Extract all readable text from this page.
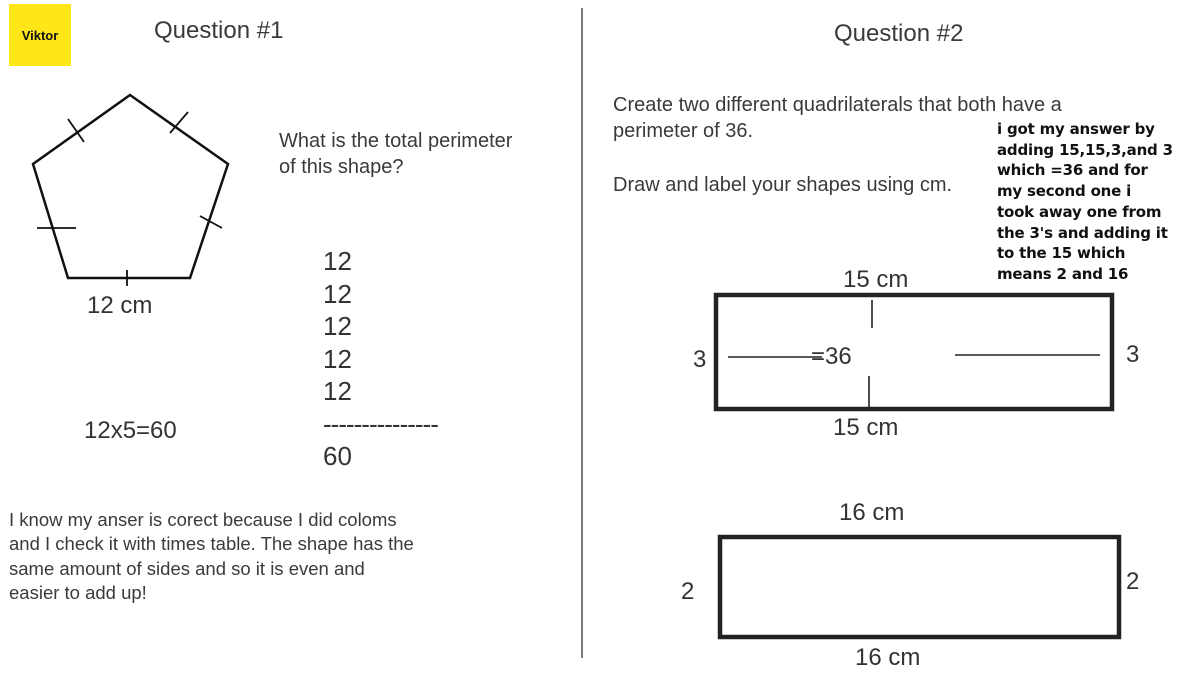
Viktor	Question #1
12 cm
What is the total perimeter
of this shape?
12
12
12
12
12
---------------
60
12x5=60
I know my anser is corect because I did coloms
and I check it with times table. The shape has the
same amount of sides and so it is even and
easier to add up!
Question #2
Create two different quadrilaterals that both have a
perimeter of 36.
Draw and label your shapes using cm.
i got my answer by
adding 15,15,3,and 3
which =36 and for
my second one i
took away one from
the 3's and adding it
to the 15 which
means 2 and 16
15 cm
15 cm
3	3
=36
16 cm
16 cm
2	2
